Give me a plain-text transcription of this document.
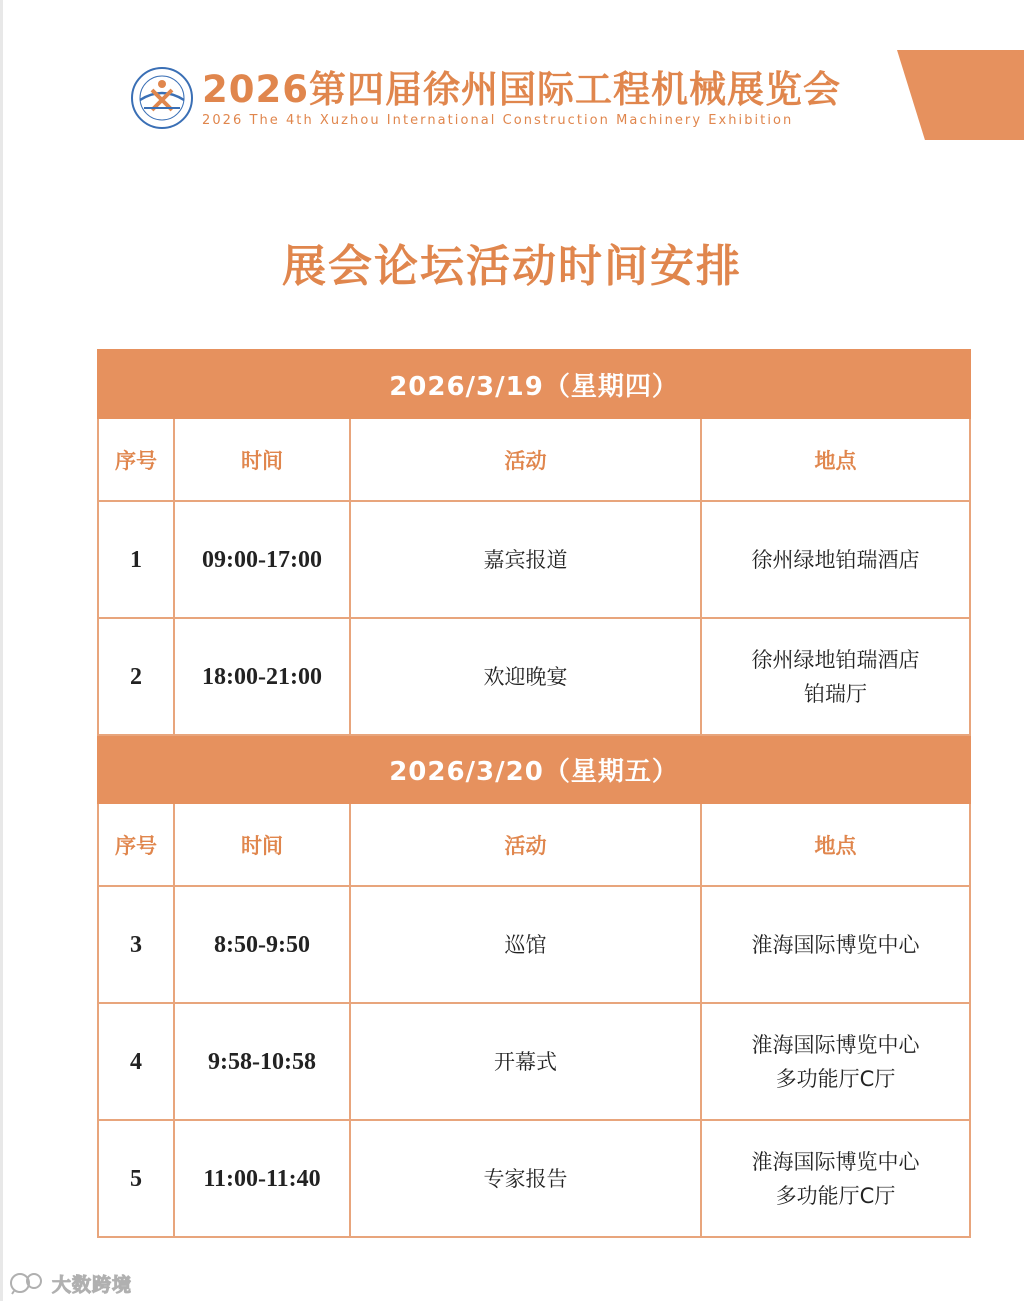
2026第四届徐州国际工程机械展览会
2026 The 4th Xuzhou International Construction Machinery Exhibition
展会论坛活动时间安排
2026/3/19（星期四）			
序号	时间	活动	地点
1	09:00-17:00	嘉宾报道	徐州绿地铂瑞酒店

2	18:00-21:00	欢迎晚宴	徐州绿地铂瑞酒店
铂瑞厅

2026/3/20（星期五）			
序号	时间	活动	地点
3	8:50-9:50	巡馆	淮海国际博览中心

4	9:58-10:58	开幕式	淮海国际博览中心
多功能厅C厅

5	11:00-11:40	专家报告	淮海国际博览中心
多功能厅C厅
大数跨境
